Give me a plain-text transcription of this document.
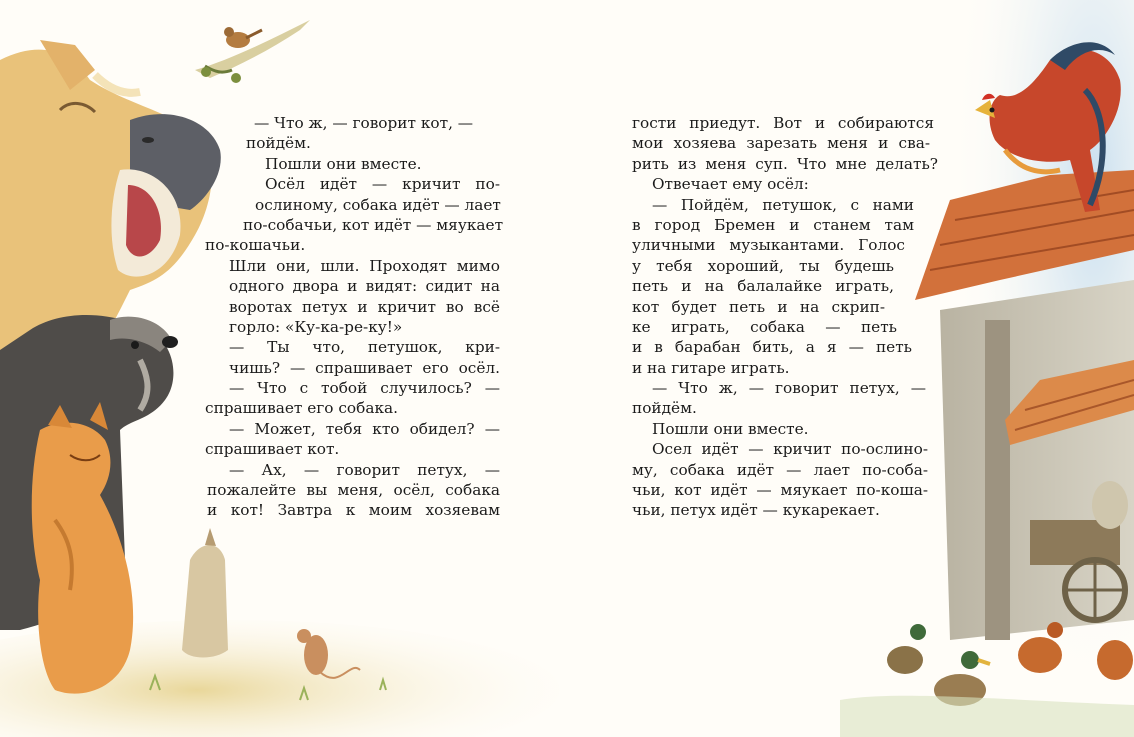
— Что ж, — говорит кот, —
пойдём.
Пошли они вместе.
Осёл идёт — кричит по-
ослиному, собака идёт — лает
по-собачьи, кот идёт — мяукает
по-кошачьи.
Шли они, шли. Проходят мимо
одного двора и видят: сидит на
воротах петух и кричит во всё
горло: «Ку-ка-ре-ку!»
— Ты что, петушок, кри-
чишь? — спрашивает его осёл.
— Что с тобой случилось? —
спрашивает его собака.
— Может, тебя кто обидел? —
спрашивает кот.
— Ах, — говорит петух, —
пожалейте вы меня, осёл, собака
и кот! Завтра к моим хозяевам
гости приедут. Вот и собираются
мои хозяева зарезать меня и сва-
рить из меня суп. Что мне делать?
Отвечает ему осёл:
— Пойдём, петушок, с нами
в город Бремен и станем там
уличными музыкантами. Голос
у тебя хороший, ты будешь
петь и на балалайке играть,
кот будет петь и на скрип-
ке играть, собака — петь
и в барабан бить, а я — петь
и на гитаре играть.
— Что ж, — говорит петух, —
пойдём.
Пошли они вместе.
Осел идёт — кричит по-ослино-
му, собака идёт — лает по-соба-
чьи, кот идёт — мяукает по-коша-
чьи, петух идёт — кукарекает.
